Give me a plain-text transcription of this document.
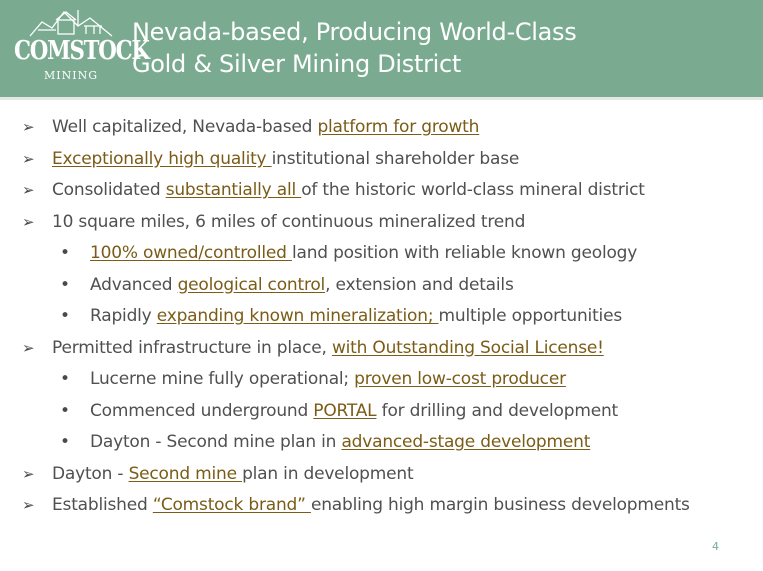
COMSTOCK
MINING
Nevada-based, Producing World-Class
Gold & Silver Mining District
➢ Well capitalized, Nevada-based platform for growth
➢ Exceptionally high quality institutional shareholder base
➢ Consolidated substantially all of the historic world-class mineral district
➢ 10 square miles, 6 miles of continuous mineralized trend
• 100% owned/controlled land position with reliable known geology
• Advanced geological control, extension and details
• Rapidly expanding known mineralization; multiple opportunities
➢ Permitted infrastructure in place, with Outstanding Social License!
• Lucerne mine fully operational; proven low-cost producer
• Commenced underground PORTAL for drilling and development
• Dayton - Second mine plan in advanced-stage development
➢ Dayton - Second mine plan in development
➢ Established “Comstock brand” enabling high margin business developments
4
